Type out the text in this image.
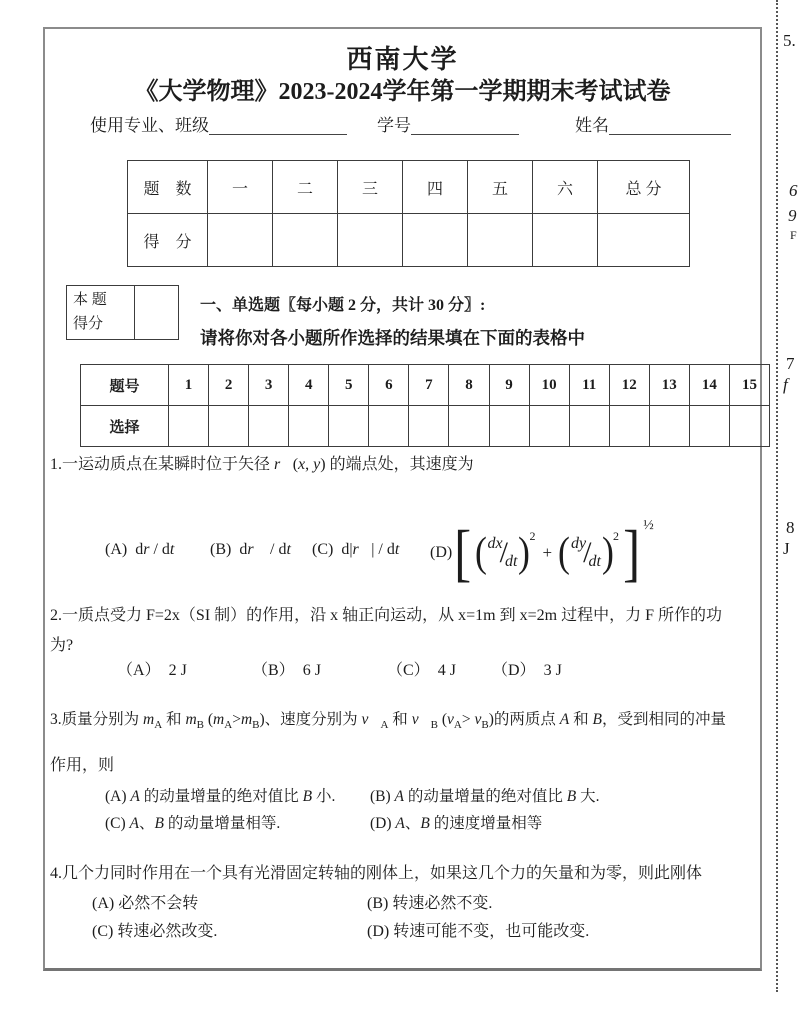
5.
6
9
F
7
f
8
J
西南大学
《大学物理》2023-2024学年第一学期期末考试试卷
使用专业、班级	学号	姓名
题　数	一	二	三	四	五	六	总 分
得　分							
本 题
得分	
一、单选题〖每小题 2 分，共计 30 分〗:
请将你对各小题所作选择的结果填在下面的表格中
题号	1	2	3	4	5	6	7	8	9	10	11	12	13	14	15
选择															
1.一运动质点在某瞬时位于矢径 r⃗(x, y) 的端点处，其速度为
(A) dr / dt (B) dr⃗ / dt (C) d|r⃗| / dt (D) [ ( dx
/
dt ) 2
+ ( dy
/
dt ) 2 ] ½
2.一质点受力 F=2x（SI 制）的作用，沿 x 轴正向运动，从 x=1m 到 x=2m 过程中，力 F 所作的功
为?
（A） 2 J	（B） 6 J	（C） 4 J （D） 3 J
3.质量分别为 $m_A$ 和 $m_B$ $(m_A>m_B)$、速度分别为 $v⃗_A$ 和 $v⃗_B$ $(v_A> v_B)$的两质点 A 和 B，受到相同的冲量
作用，则
(A) A 的动量增量的绝对值比 B 小. (B) A 的动量增量的绝对值比 B 大.
(C) A、B 的动量增量相等.	(D) A、B 的速度增量相等
4.几个力同时作用在一个具有光滑固定转轴的刚体上，如果这几个力的矢量和为零，则此刚体
(A) 必然不会转	(B) 转速必然不变.
(C) 转速必然改变.	(D) 转速可能不变，也可能改变.
